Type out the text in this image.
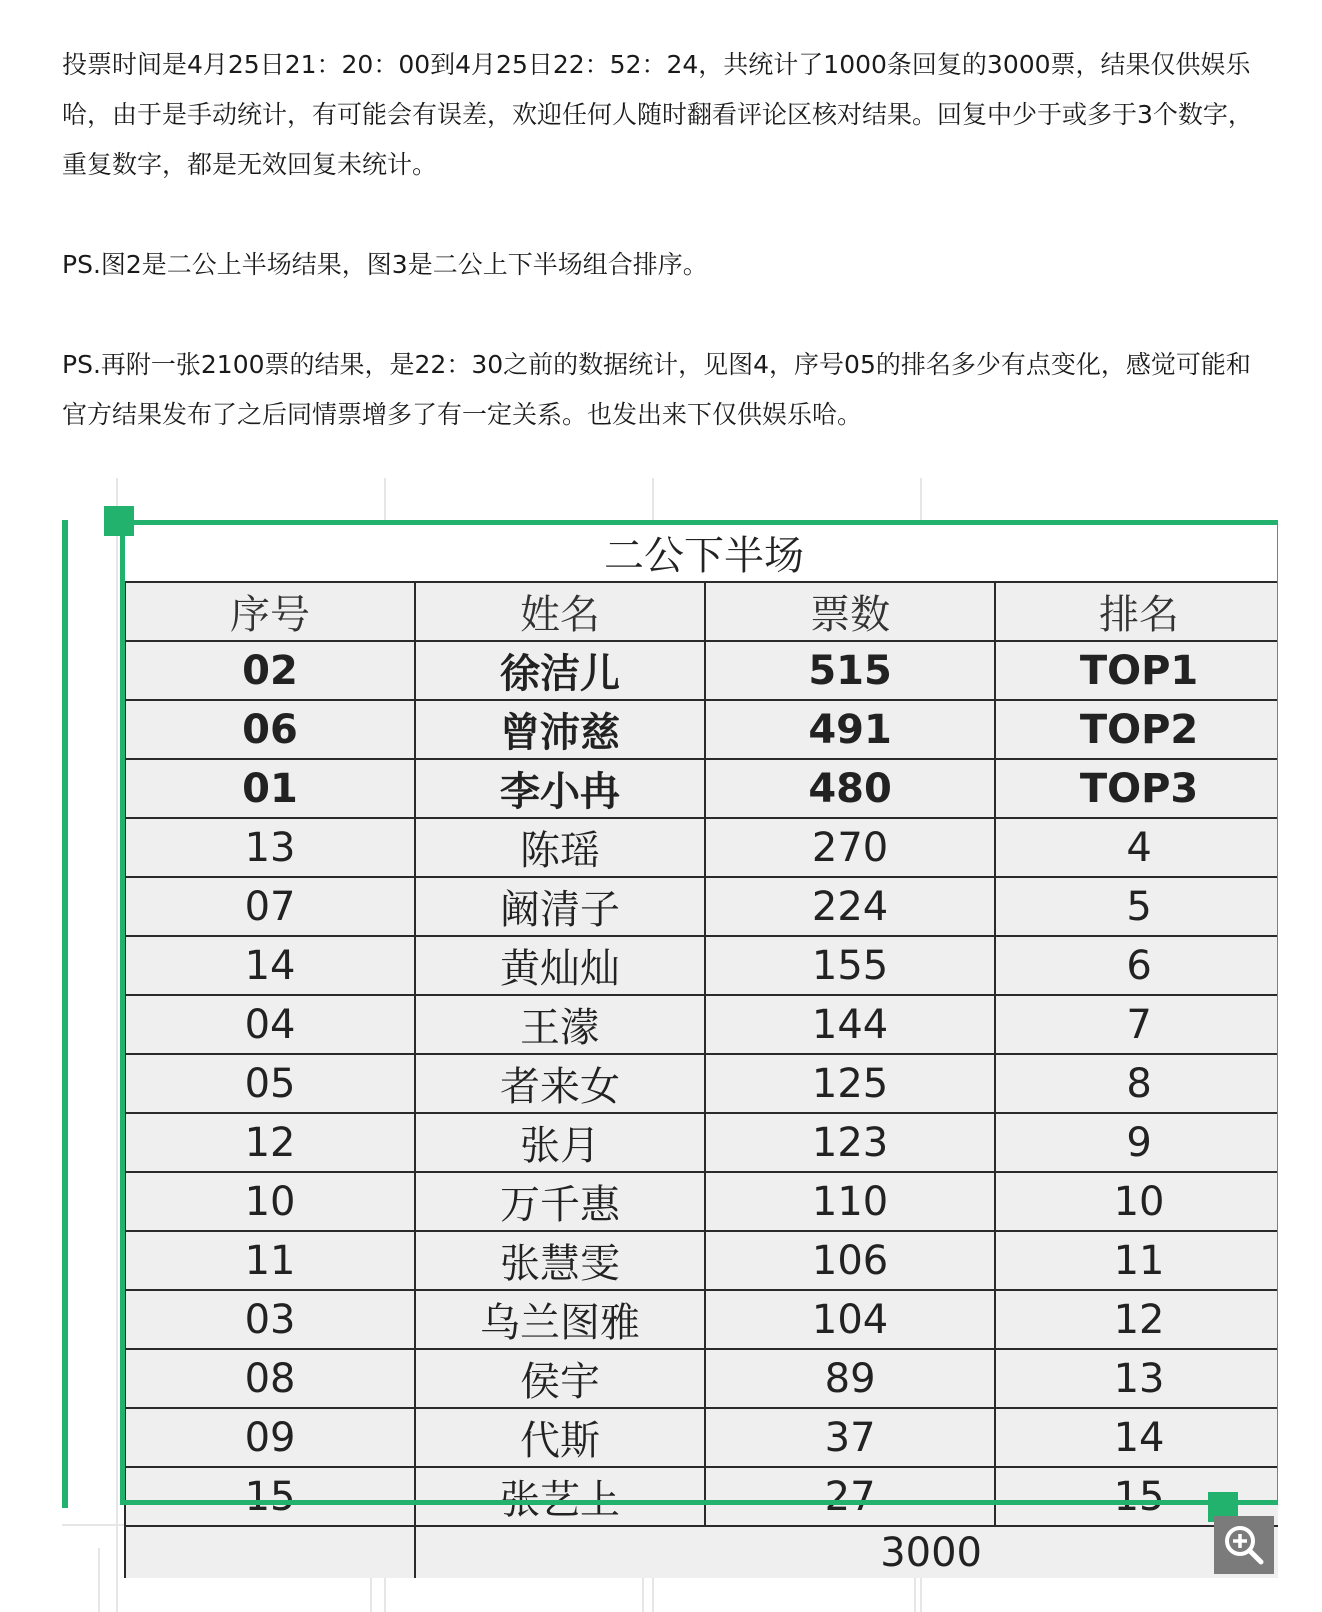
投票时间是4月25日21：20：00到4月25日22：52：24，共统计了1000条回复的3000票，结果仅供娱乐哈，由于是手动统计，有可能会有误差，欢迎任何人随时翻看评论区核对结果。回复中少于或多于3个数字，重复数字，都是无效回复未统计。

PS.图2是二公上半场结果，图3是二公上下半场组合排序。

PS.再附一张2100票的结果，是22：30之前的数据统计，见图4，序号05的排名多少有点变化，感觉可能和官方结果发布了之后同情票增多了有一定关系。也发出来下仅供娱乐哈。

二公下半场			
序号	姓名	票数	排名
02	徐洁儿	515	TOP1
06	曾沛慈	491	TOP2
01	李小冉	480	TOP3
13	陈瑶	270	4
07	阚清子	224	5
14	黄灿灿	155	6
04	王濛	144	7
05	者来女	125	8
12	张月	123	9
10	万千惠	110	10
11	张慧雯	106	11
03	乌兰图雅	104	12
08	侯宇	89	13
09	代斯	37	14
15	张艺上	27	15
	3000		
